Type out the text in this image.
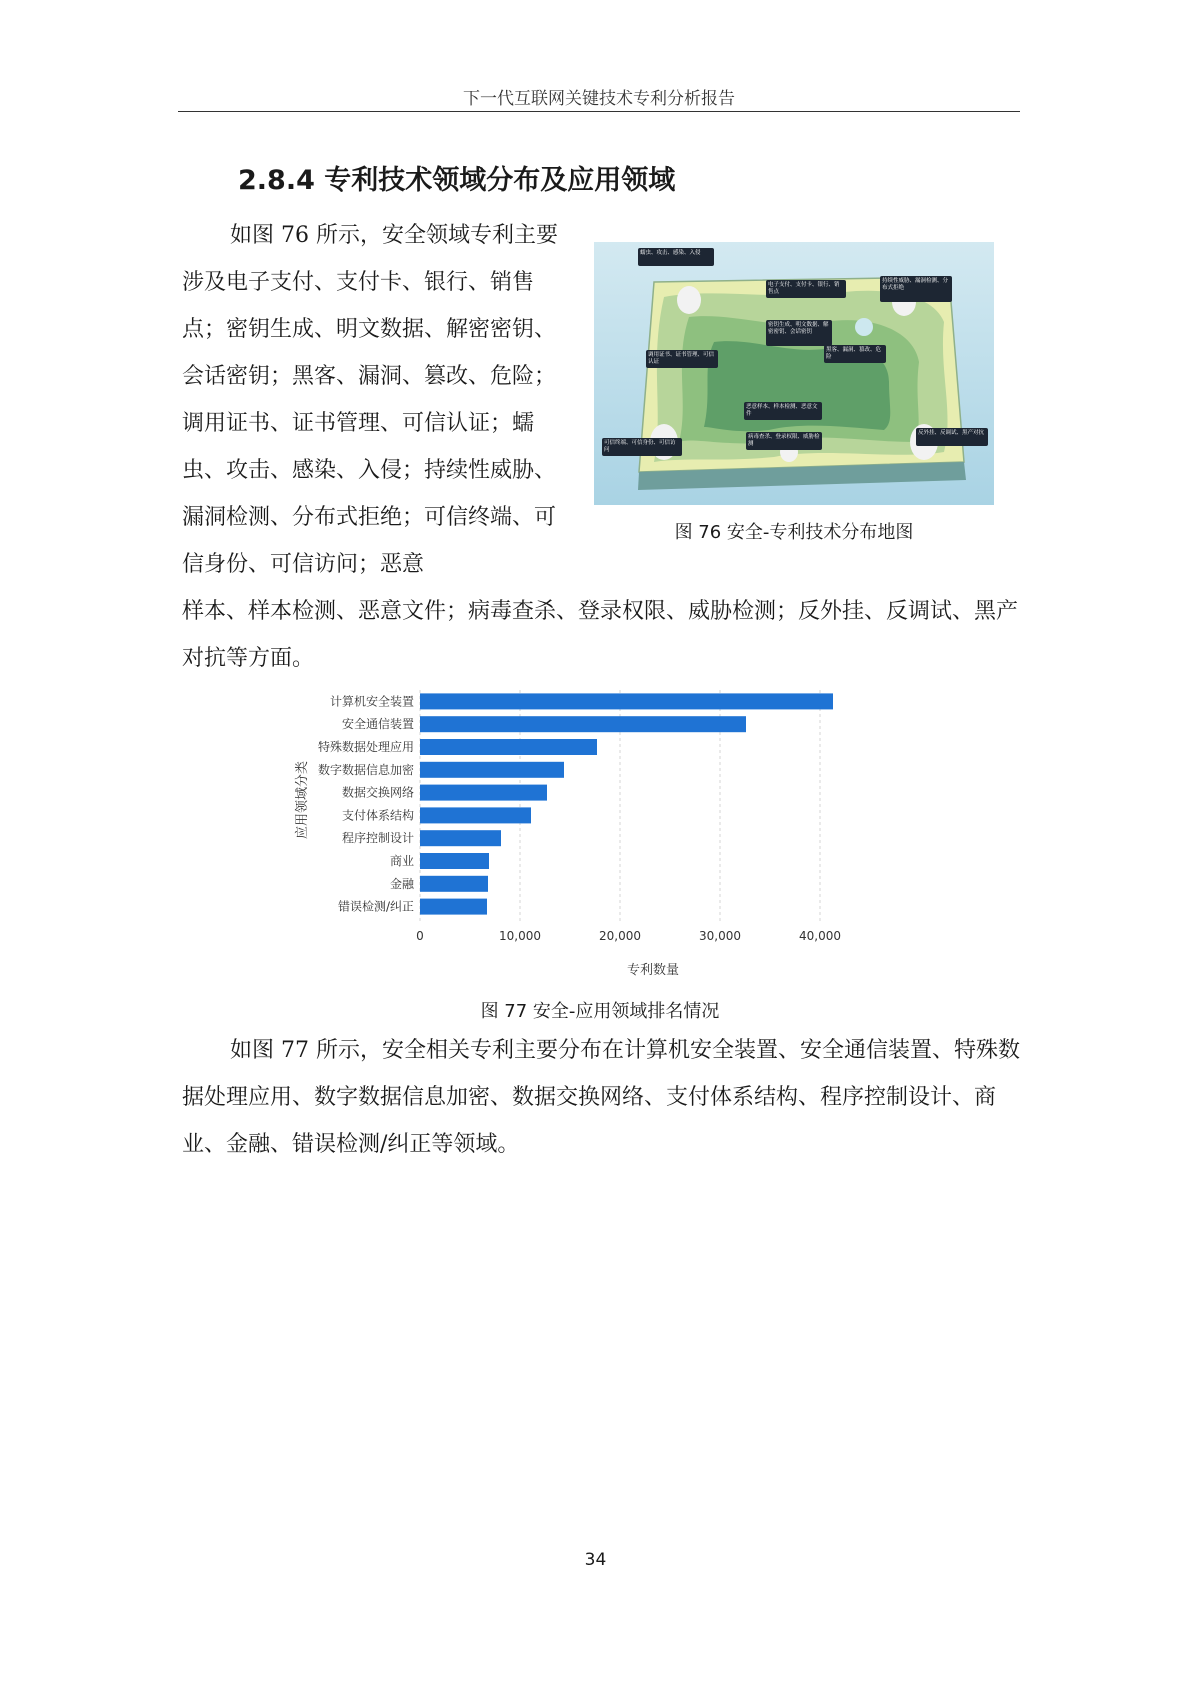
下一代互联网关键技术专利分析报告
2.8.4 专利技术领域分布及应用领域

如图 76 所示，安全领域专利主要涉及电子支付、支付卡、银行、销售点；密钥生成、明文数据、解密密钥、会话密钥；黑客、漏洞、篡改、危险；调用证书、证书管理、可信认证；蠕虫、攻击、感染、入侵；持续性威胁、漏洞检测、分布式拒绝；可信终端、可信身份、可信访问；恶意

蠕虫、攻击、感染、入侵
电子支付、支付卡、银行、销售点
持续性威胁、漏洞检测、分布式拒绝
密钥生成、明文数据、解密密钥、会话密钥
调用证书、证书管理、可信认证
黑客、漏洞、篡改、危险
恶意样本、样本检测、恶意文件
可信终端、可信身份、可信访问
病毒查杀、登录权限、威胁检测
反外挂、反调试、黑产对抗
图 76 安全-专利技术分布地图

样本、样本检测、恶意文件；病毒查杀、登录权限、威胁检测；反外挂、反调试、黑产对抗等方面。

计算机安全装置
安全通信装置
特殊数据处理应用
数字数据信息加密
数据交换网络
支付体系结构
程序控制设计
商业
金融
错误检测/纠正
0	10,000	20,000	30,000	40,000
专利数量
应用领域分类
图 77 安全-应用领域排名情况

如图 77 所示，安全相关专利主要分布在计算机安全装置、安全通信装置、特殊数据处理应用、数字数据信息加密、数据交换网络、支付体系结构、程序控制设计、商业、金融、错误检测/纠正等领域。

34
